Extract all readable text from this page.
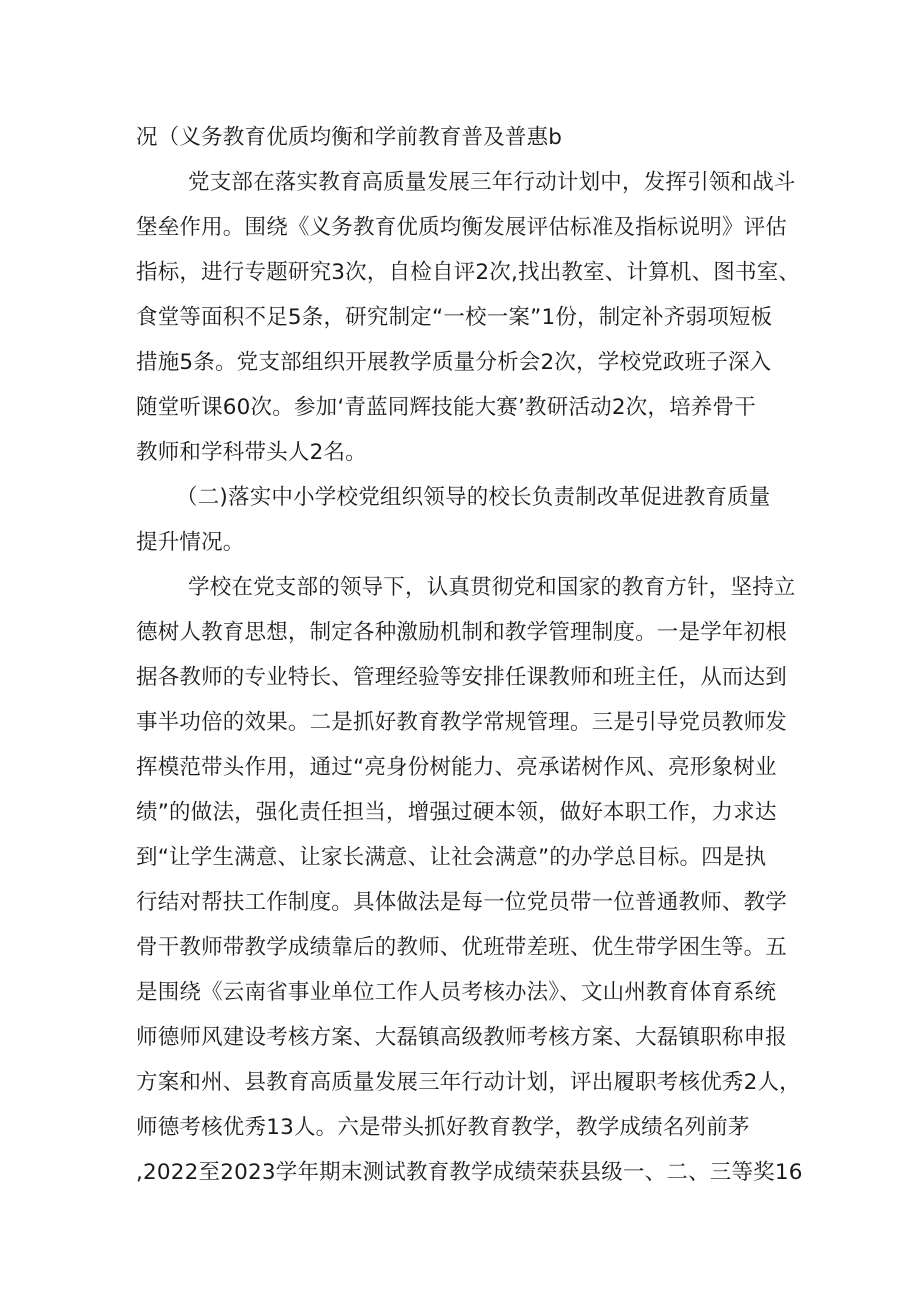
况（义务教育优质均衡和学前教育普及普惠b
党支部在落实教育高质量发展三年行动计划中，发挥引领和战斗
堡垒作用。围绕《义务教育优质均衡发展评估标准及指标说明》评估
指标，进行专题研究3次，自检自评2次,找出教室、计算机、图书室、
食堂等面积不足5条，研究制定“一校一案”1份，制定补齐弱项短板
措施5条。党支部组织开展教学质量分析会2次，学校党政班子深入
随堂听课60次。参加‘青蓝同辉技能大赛’教研活动2次，培养骨干
教师和学科带头人2名。
（二)落实中小学校党组织领导的校长负责制改革促进教育质量
提升情况。
学校在党支部的领导下，认真贯彻党和国家的教育方针，坚持立
德树人教育思想，制定各种激励机制和教学管理制度。一是学年初根
据各教师的专业特长、管理经验等安排任课教师和班主任，从而达到
事半功倍的效果。二是抓好教育教学常规管理。三是引导党员教师发
挥模范带头作用，通过“亮身份树能力、亮承诺树作风、亮形象树业
绩”的做法，强化责任担当，增强过硬本领，做好本职工作，力求达
到“让学生满意、让家长满意、让社会满意”的办学总目标。四是执
行结对帮扶工作制度。具体做法是每一位党员带一位普通教师、教学
骨干教师带教学成绩靠后的教师、优班带差班、优生带学困生等。五
是围绕《云南省事业单位工作人员考核办法》、文山州教育体育系统
师德师风建设考核方案、大磊镇高级教师考核方案、大磊镇职称申报
方案和州、县教育高质量发展三年行动计划，评出履职考核优秀2人，
师德考核优秀13人。六是带头抓好教育教学，教学成绩名列前茅
,2022至2023学年期末测试教育教学成绩荣获县级一、二、三等奖16
